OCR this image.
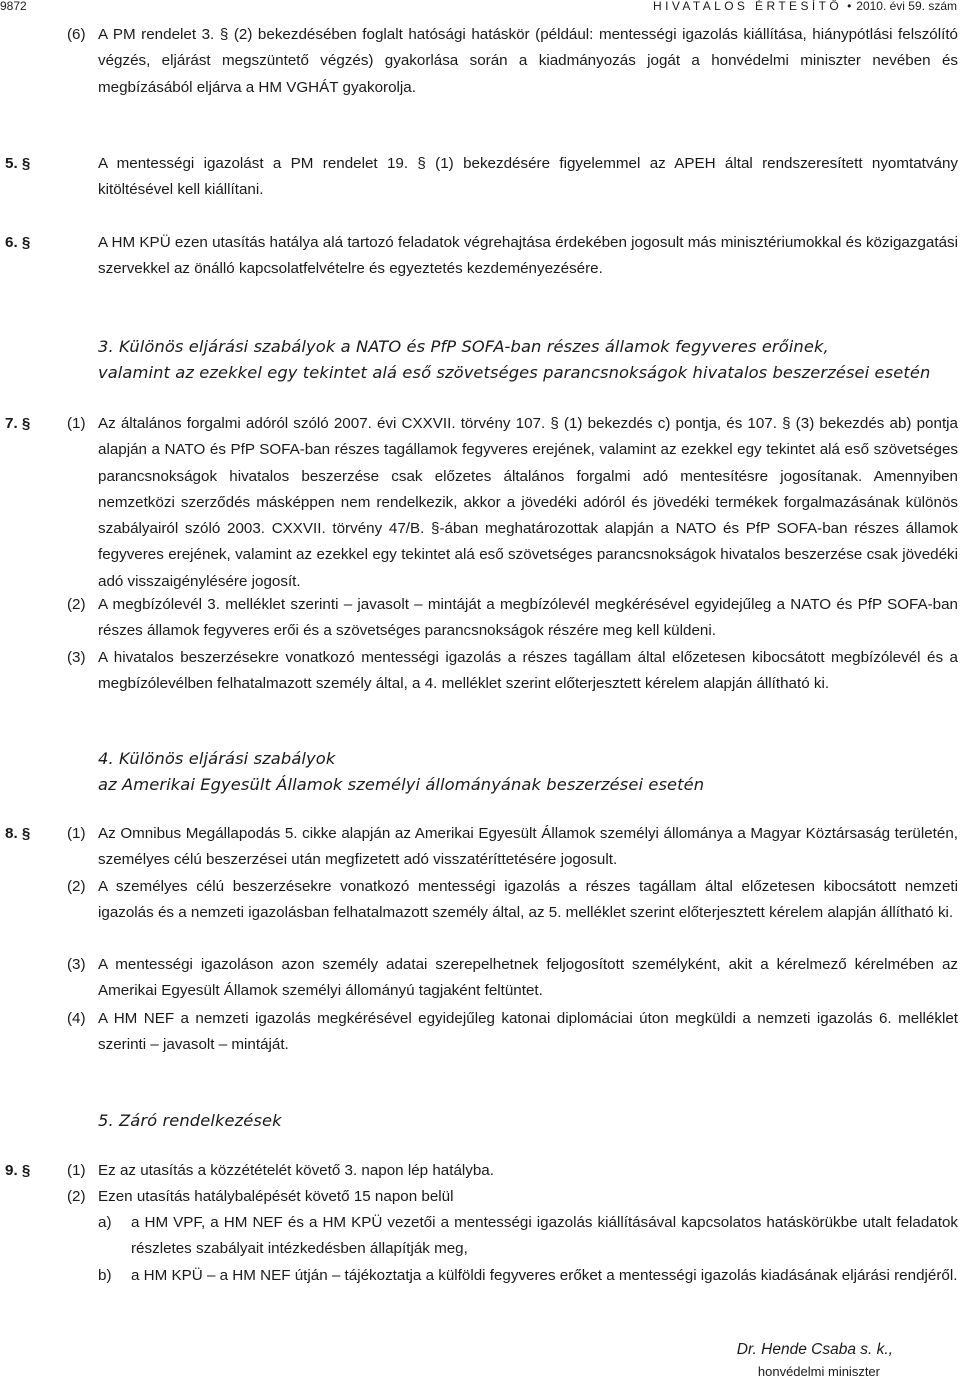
9872	HIVATALOS ÉRTESÍTŐ • 2010. évi 59. szám
(6) A PM rendelet 3. § (2) bekezdésében foglalt hatósági hatáskör (például: mentességi igazolás kiállítása, hiánypótlási felszólító végzés, eljárást megszüntető végzés) gyakorlása során a kiadmányozás jogát a honvédelmi miniszter nevében és megbízásából eljárva a HM VGHÁT gyakorolja.

5. §	A mentességi igazolást a PM rendelet 19. § (1) bekezdésére figyelemmel az APEH által rendszeresített nyomtatvány kitöltésével kell kiállítani.

6. §	A HM KPÜ ezen utasítás hatálya alá tartozó feladatok végrehajtása érdekében jogosult más minisztériumokkal és közigazgatási szervekkel az önálló kapcsolatfelvételre és egyeztetés kezdeményezésére.

3. Különös eljárási szabályok a NATO és PfP SOFA-ban részes államok fegyveres erőinek,
valamint az ezekkel egy tekintet alá eső szövetséges parancsnokságok hivatalos beszerzései esetén
7. § (1) Az általános forgalmi adóról szóló 2007. évi CXXVII. törvény 107. § (1) bekezdés c) pontja, és 107. § (3) bekezdés ab) pontja alapján a NATO és PfP SOFA-ban részes tagállamok fegyveres erejének, valamint az ezekkel egy tekintet alá eső szövetséges parancsnokságok hivatalos beszerzése csak előzetes általános forgalmi adó mentesítésre jogosítanak. Amennyiben nemzetközi szerződés másképpen nem rendelkezik, akkor a jövedéki adóról és jövedéki termékek forgalmazásának különös szabályairól szóló 2003. CXXVII. törvény 47/B. §-ában meghatározottak alapján a NATO és PfP SOFA-ban részes államok fegyveres erejének, valamint az ezekkel egy tekintet alá eső szövetséges parancsnokságok hivatalos beszerzése csak jövedéki adó visszaigénylésére jogosít.

(2) A megbízólevél 3. melléklet szerinti – javasolt – mintáját a megbízólevél megkérésével egyidejűleg a NATO és PfP SOFA-ban részes államok fegyveres erői és a szövetséges parancsnokságok részére meg kell küldeni.

(3) A hivatalos beszerzésekre vonatkozó mentességi igazolás a részes tagállam által előzetesen kibocsátott megbízólevél és a megbízólevélben felhatalmazott személy által, a 4. melléklet szerint előterjesztett kérelem alapján állítható ki.

4. Különös eljárási szabályok
az Amerikai Egyesült Államok személyi állományának beszerzései esetén
8. § (1) Az Omnibus Megállapodás 5. cikke alapján az Amerikai Egyesült Államok személyi állománya a Magyar Köztársaság területén, személyes célú beszerzései után megfizetett adó visszatéríttetésére jogosult.

(2) A személyes célú beszerzésekre vonatkozó mentességi igazolás a részes tagállam által előzetesen kibocsátott nemzeti igazolás és a nemzeti igazolásban felhatalmazott személy által, az 5. melléklet szerint előterjesztett kérelem alapján állítható ki.

(3) A mentességi igazoláson azon személy adatai szerepelhetnek feljogosított személyként, akit a kérelmező kérelmében az Amerikai Egyesült Államok személyi állományú tagjaként feltüntet.

(4) A HM NEF a nemzeti igazolás megkérésével egyidejűleg katonai diplomáciai úton megküldi a nemzeti igazolás 6. melléklet szerinti – javasolt – mintáját.

5. Záró rendelkezések
9. § (1) Ez az utasítás a közzétételét követő 3. napon lép hatályba.

(2) Ezen utasítás hatálybalépését követő 15 napon belül

a) a HM VPF, a HM NEF és a HM KPÜ vezetői a mentességi igazolás kiállításával kapcsolatos hatáskörükbe utalt feladatok részletes szabályait intézkedésben állapítják meg,

b) a HM KPÜ – a HM NEF útján – tájékoztatja a külföldi fegyveres erőket a mentességi igazolás kiadásának eljárási rendjéről.

Dr. Hende Csaba s. k.,
honvédelmi miniszter
